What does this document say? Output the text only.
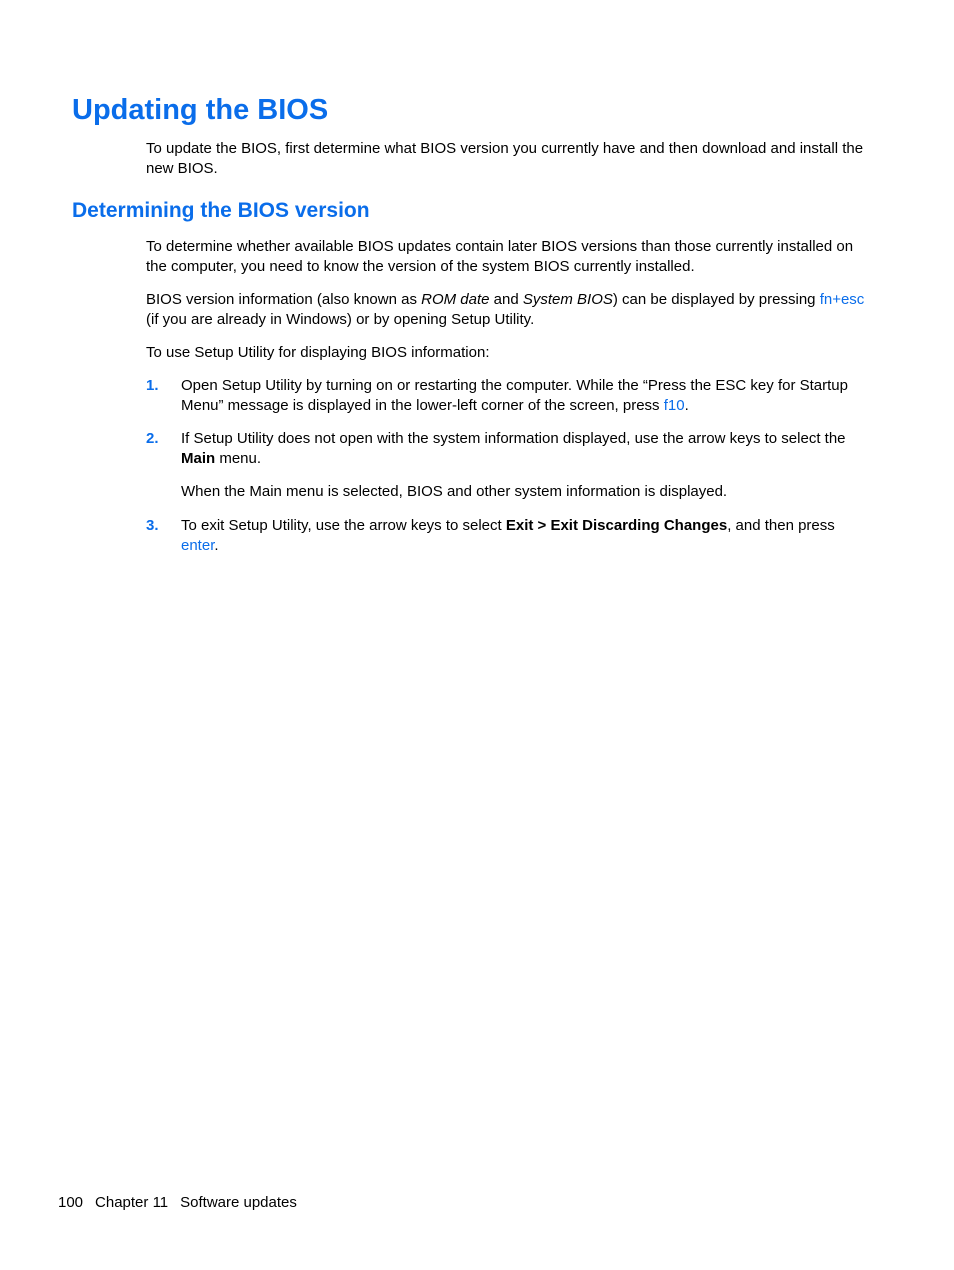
Updating the BIOS

To update the BIOS, first determine what BIOS version you currently have and then download and install the new BIOS.

Determining the BIOS version

To determine whether available BIOS updates contain later BIOS versions than those currently installed on the computer, you need to know the version of the system BIOS currently installed.

BIOS version information (also known as ROM date and System BIOS) can be displayed by pressing fn+esc (if you are already in Windows) or by opening Setup Utility.

To use Setup Utility for displaying BIOS information:

1. Open Setup Utility by turning on or restarting the computer. While the “Press the ESC key for Startup Menu” message is displayed in the lower-left corner of the screen, press f10.

2. If Setup Utility does not open with the system information displayed, use the arrow keys to select the Main menu.

When the Main menu is selected, BIOS and other system information is displayed.

3. To exit Setup Utility, use the arrow keys to select Exit > Exit Discarding Changes, and then press enter.

100 Chapter 11 Software updates
